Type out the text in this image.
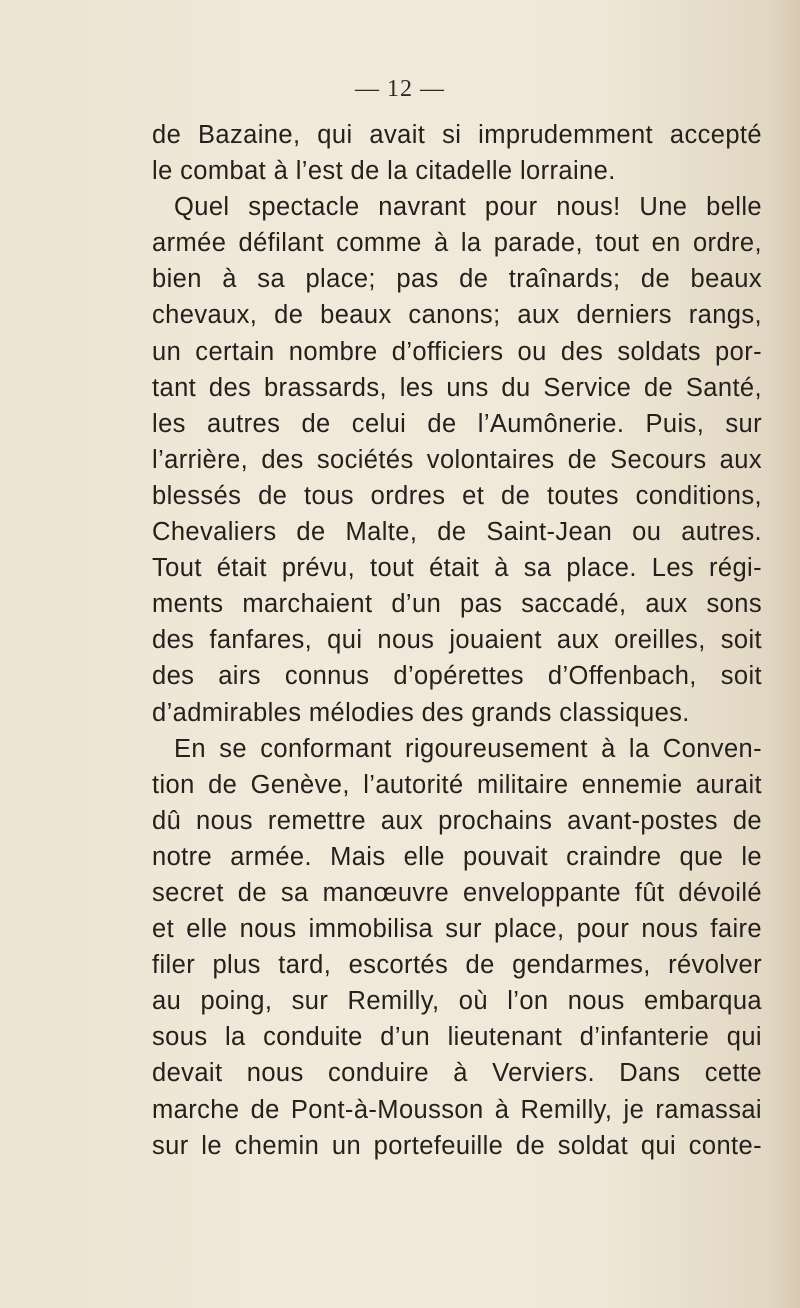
— 12 —
de Bazaine, qui avait si imprudemment accepté
le combat à l’est de la citadelle lorraine.
Quel spectacle navrant pour nous! Une belle
armée défilant comme à la parade, tout en ordre,
bien à sa place; pas de traînards; de beaux
chevaux, de beaux canons; aux derniers rangs,
un certain nombre d’officiers ou des soldats por-
tant des brassards, les uns du Service de Santé,
les autres de celui de l’Aumônerie. Puis, sur
l’arrière, des sociétés volontaires de Secours aux
blessés de tous ordres et de toutes conditions,
Chevaliers de Malte, de Saint-Jean ou autres.
Tout était prévu, tout était à sa place. Les régi-
ments marchaient d’un pas saccadé, aux sons
des fanfares, qui nous jouaient aux oreilles, soit
des airs connus d’opérettes d’Offenbach, soit
d’admirables mélodies des grands classiques.
En se conformant rigoureusement à la Conven-
tion de Genève, l’autorité militaire ennemie aurait
dû nous remettre aux prochains avant-postes de
notre armée. Mais elle pouvait craindre que le
secret de sa manœuvre enveloppante fût dévoilé
et elle nous immobilisa sur place, pour nous faire
filer plus tard, escortés de gendarmes, révolver
au poing, sur Remilly, où l’on nous embarqua
sous la conduite d’un lieutenant d’infanterie qui
devait nous conduire à Verviers. Dans cette
marche de Pont-à-Mousson à Remilly, je ramassai
sur le chemin un portefeuille de soldat qui conte-
